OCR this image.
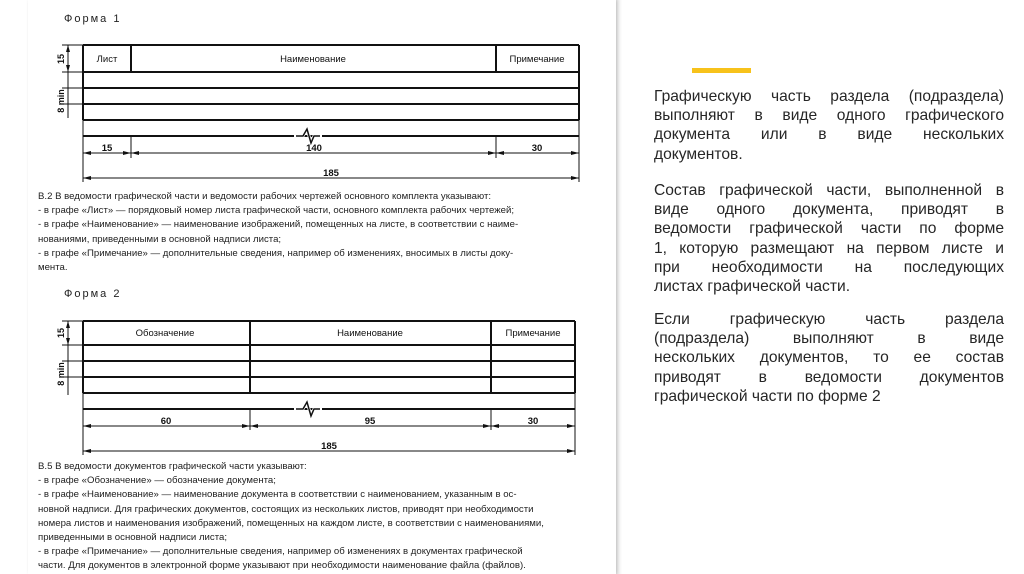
Форма 1
Лист	Наименование	Примечание
15	140	30
185
15
8 min
Форма 2
Обозначение	Наименование	Примечание
60	95	30
185
15
8 min
В.2 В ведомости графической части и ведомости рабочих чертежей основного комплекта указывают:
- в графе «Лист» — порядковый номер листа графической части, основного комплекта рабочих чертежей;
- в графе «Наименование» — наименование изображений, помещенных на листе, в соответствии с наиме-
нованиями, приведенными в основной надписи листа;
- в графе «Примечание» — дополнительные сведения, например об изменениях, вносимых в листы доку-
мента.
В.5 В ведомости документов графической части указывают:
- в графе «Обозначение» — обозначение документа;
- в графе «Наименование» — наименование документа в соответствии с наименованием, указанным в ос-
новной надписи. Для графических документов, состоящих из нескольких листов, приводят при необходимости
номера листов и наименования изображений, помещенных на каждом листе, в соответствии с наименованиями,
приведенными в основной надписи листа;
- в графе «Примечание» — дополнительные сведения, например об изменениях в документах графической
части. Для документов в электронной форме указывают при необходимости наименование файла (файлов).
Графическую часть раздела (подраздела)
выполняют в виде одного графического
документа или в виде нескольких
документов.
Состав графической части, выполненной в
виде одного документа, приводят в
ведомости графической части по форме
1, которую размещают на первом листе и
при необходимости на последующих
листах графической части.
Если графическую часть раздела
(подраздела) выполняют в виде
нескольких документов, то ее состав
приводят в ведомости документов
графической части по форме 2
